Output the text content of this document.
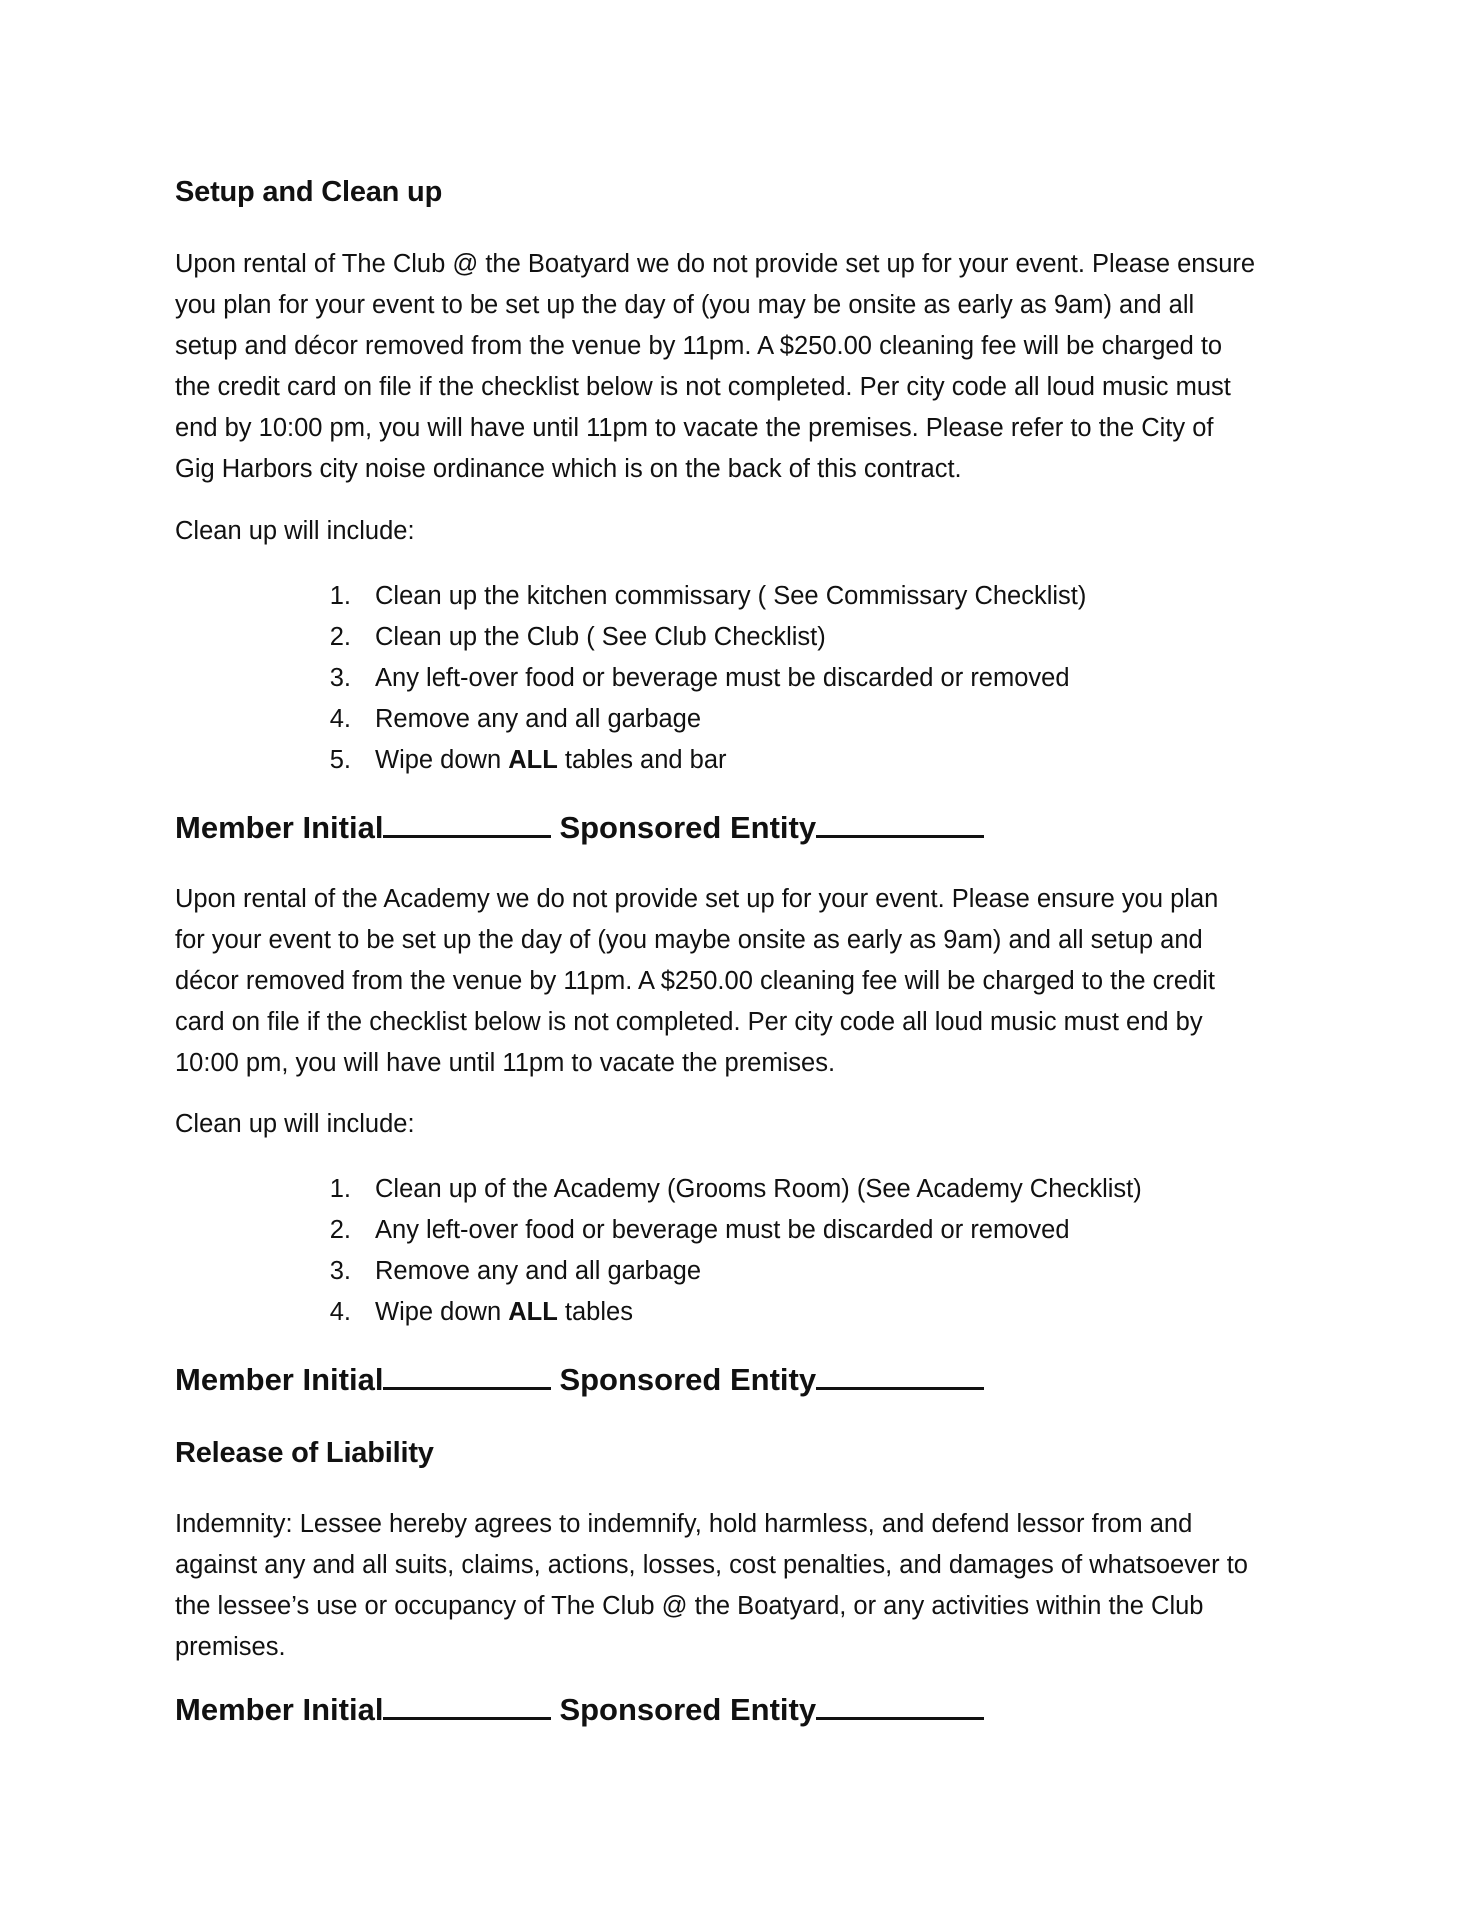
Setup and Clean up
Upon rental of The Club @ the Boatyard we do not provide set up for your event. Please ensure
you plan for your event to be set up the day of (you may be onsite as early as 9am) and all
setup and décor removed from the venue by 11pm. A $250.00 cleaning fee will be charged to
the credit card on file if the checklist below is not completed. Per city code all loud music must
end by 10:00 pm, you will have until 11pm to vacate the premises. Please refer to the City of
Gig Harbors city noise ordinance which is on the back of this contract.
Clean up will include:
1. Clean up the kitchen commissary ( See Commissary Checklist)
2. Clean up the Club ( See Club Checklist)
3. Any left-over food or beverage must be discarded or removed
4. Remove any and all garbage
5. Wipe down ALL tables and bar
Member Initial	Sponsored Entity
Upon rental of the Academy we do not provide set up for your event. Please ensure you plan
for your event to be set up the day of (you maybe onsite as early as 9am) and all setup and
décor removed from the venue by 11pm. A $250.00 cleaning fee will be charged to the credit
card on file if the checklist below is not completed. Per city code all loud music must end by
10:00 pm, you will have until 11pm to vacate the premises.
Clean up will include:
1. Clean up of the Academy (Grooms Room) (See Academy Checklist)
2. Any left-over food or beverage must be discarded or removed
3. Remove any and all garbage
4. Wipe down ALL tables
Member Initial	Sponsored Entity
Release of Liability
Indemnity: Lessee hereby agrees to indemnify, hold harmless, and defend lessor from and
against any and all suits, claims, actions, losses, cost penalties, and damages of whatsoever to
the lessee’s use or occupancy of The Club @ the Boatyard, or any activities within the Club
premises.
Member Initial	Sponsored Entity
